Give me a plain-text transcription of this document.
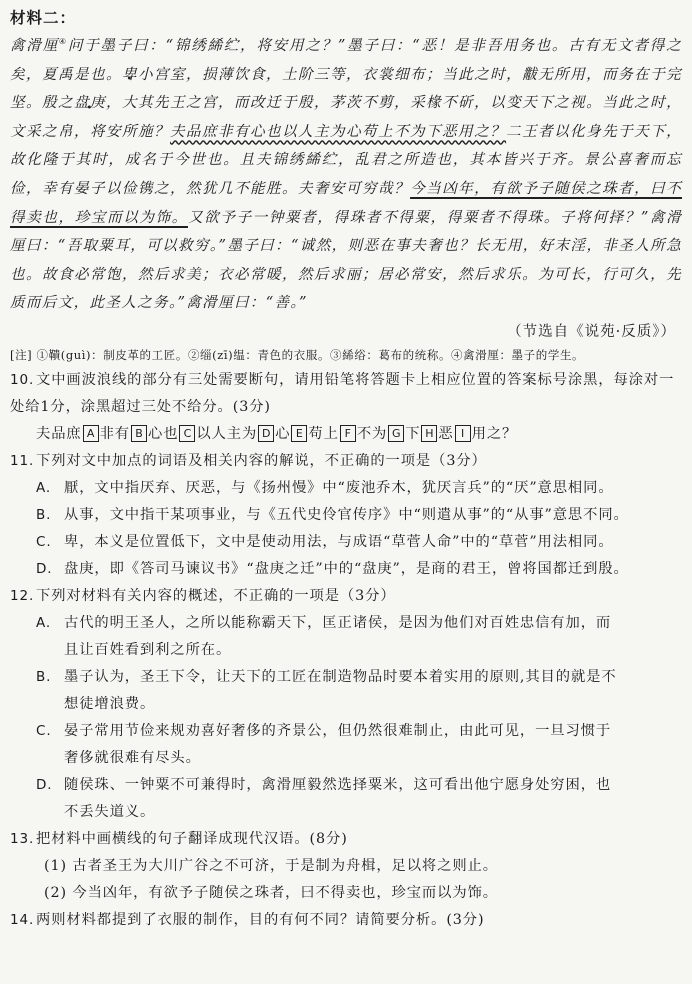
材料二：
禽滑厘④问于墨子曰：“锦绣絺纻，将安用之？”墨子曰：“恶！是非吾用务也。古有无文者得之矣，夏禹是也。卑小宫室，损薄饮食，土阶三等，衣裳细布；当此之时，黻无所用，而务在于完坚。殷之盘庚，大其先王之宫，而改迁于殷，茅茨不剪，采椽不斫，以变天下之视。当此之时，文采之帛，将安所施？夫品庶非有心也以人主为心苟上不为下恶用之？二王者以化身先于天下，故化隆于其时，成名于今世也。且夫锦绣絺纻，乱君之所造也，其本皆兴于齐。景公喜奢而忘俭，幸有晏子以俭镌之，然犹几不能胜。夫奢安可穷哉？今当凶年，有欲予子随侯之珠者，曰不得卖也，珍宝而以为饰。又欲予子一钟粟者，得珠者不得粟，得粟者不得珠。子将何择？”禽滑厘曰：“吾取粟耳，可以救穷。”墨子曰：“诚然，则恶在事夫奢也？长无用，好末淫，非圣人所急也。故食必常饱，然后求美；衣必常暖，然后求丽；居必常安，然后求乐。为可长，行可久，先质而后文，此圣人之务。”禽滑厘曰：“善。”
（节选自《说苑·反质》）
[注] ①鞼(guì)：制皮革的工匠。②缁(zī)缊：青色的衣服。③絺绤：葛布的统称。④禽滑厘：墨子的学生。
10. 文中画波浪线的部分有三处需要断句，请用铅笔将答题卡上相应位置的答案标号涂黑，每涂对一处给1分，涂黑超过三处不给分。(3分)
夫品庶 A 非有 B 心也 C 以人主为 D 心 E 苟上 F 不为 G 下 H 恶 I 用之？
11. 下列对文中加点的词语及相关内容的解说，不正确的一项是（3分）
A. 厭，文中指厌弃、厌恶，与《扬州慢》中“废池乔木，犹厌言兵”的“厌”意思相同。
B. 从事，文中指干某项事业，与《五代史伶官传序》中“则遣从事”的“从事”意思不同。
C. 卑，本义是位置低下，文中是使动用法，与成语“草菅人命”中的“草菅”用法相同。
D. 盘庚，即《答司马谏议书》“盘庚之迁”中的“盘庚”，是商的君王，曾将国都迁到殷。
12. 下列对材料有关内容的概述，不正确的一项是（3分）
A. 古代的明王圣人，之所以能称霸天下，匡正诸侯，是因为他们对百姓忠信有加，而
且让百姓看到利之所在。
B. 墨子认为，圣王下令，让天下的工匠在制造物品时要本着实用的原则,其目的就是不
想徒增浪费。
C. 晏子常用节俭来规劝喜好奢侈的齐景公，但仍然很难制止，由此可见，一旦习惯于
奢侈就很难有尽头。
D. 随侯珠、一钟粟不可兼得时，禽滑厘毅然选择粟米，这可看出他宁愿身处穷困，也
不丢失道义。
13. 把材料中画横线的句子翻译成现代汉语。(8分)
(1) 古者圣王为大川广谷之不可济，于是制为舟楫，足以将之则止。
(2) 今当凶年，有欲予子随侯之珠者，曰不得卖也，珍宝而以为饰。
14. 两则材料都提到了衣服的制作，目的有何不同？请简要分析。(3分)
